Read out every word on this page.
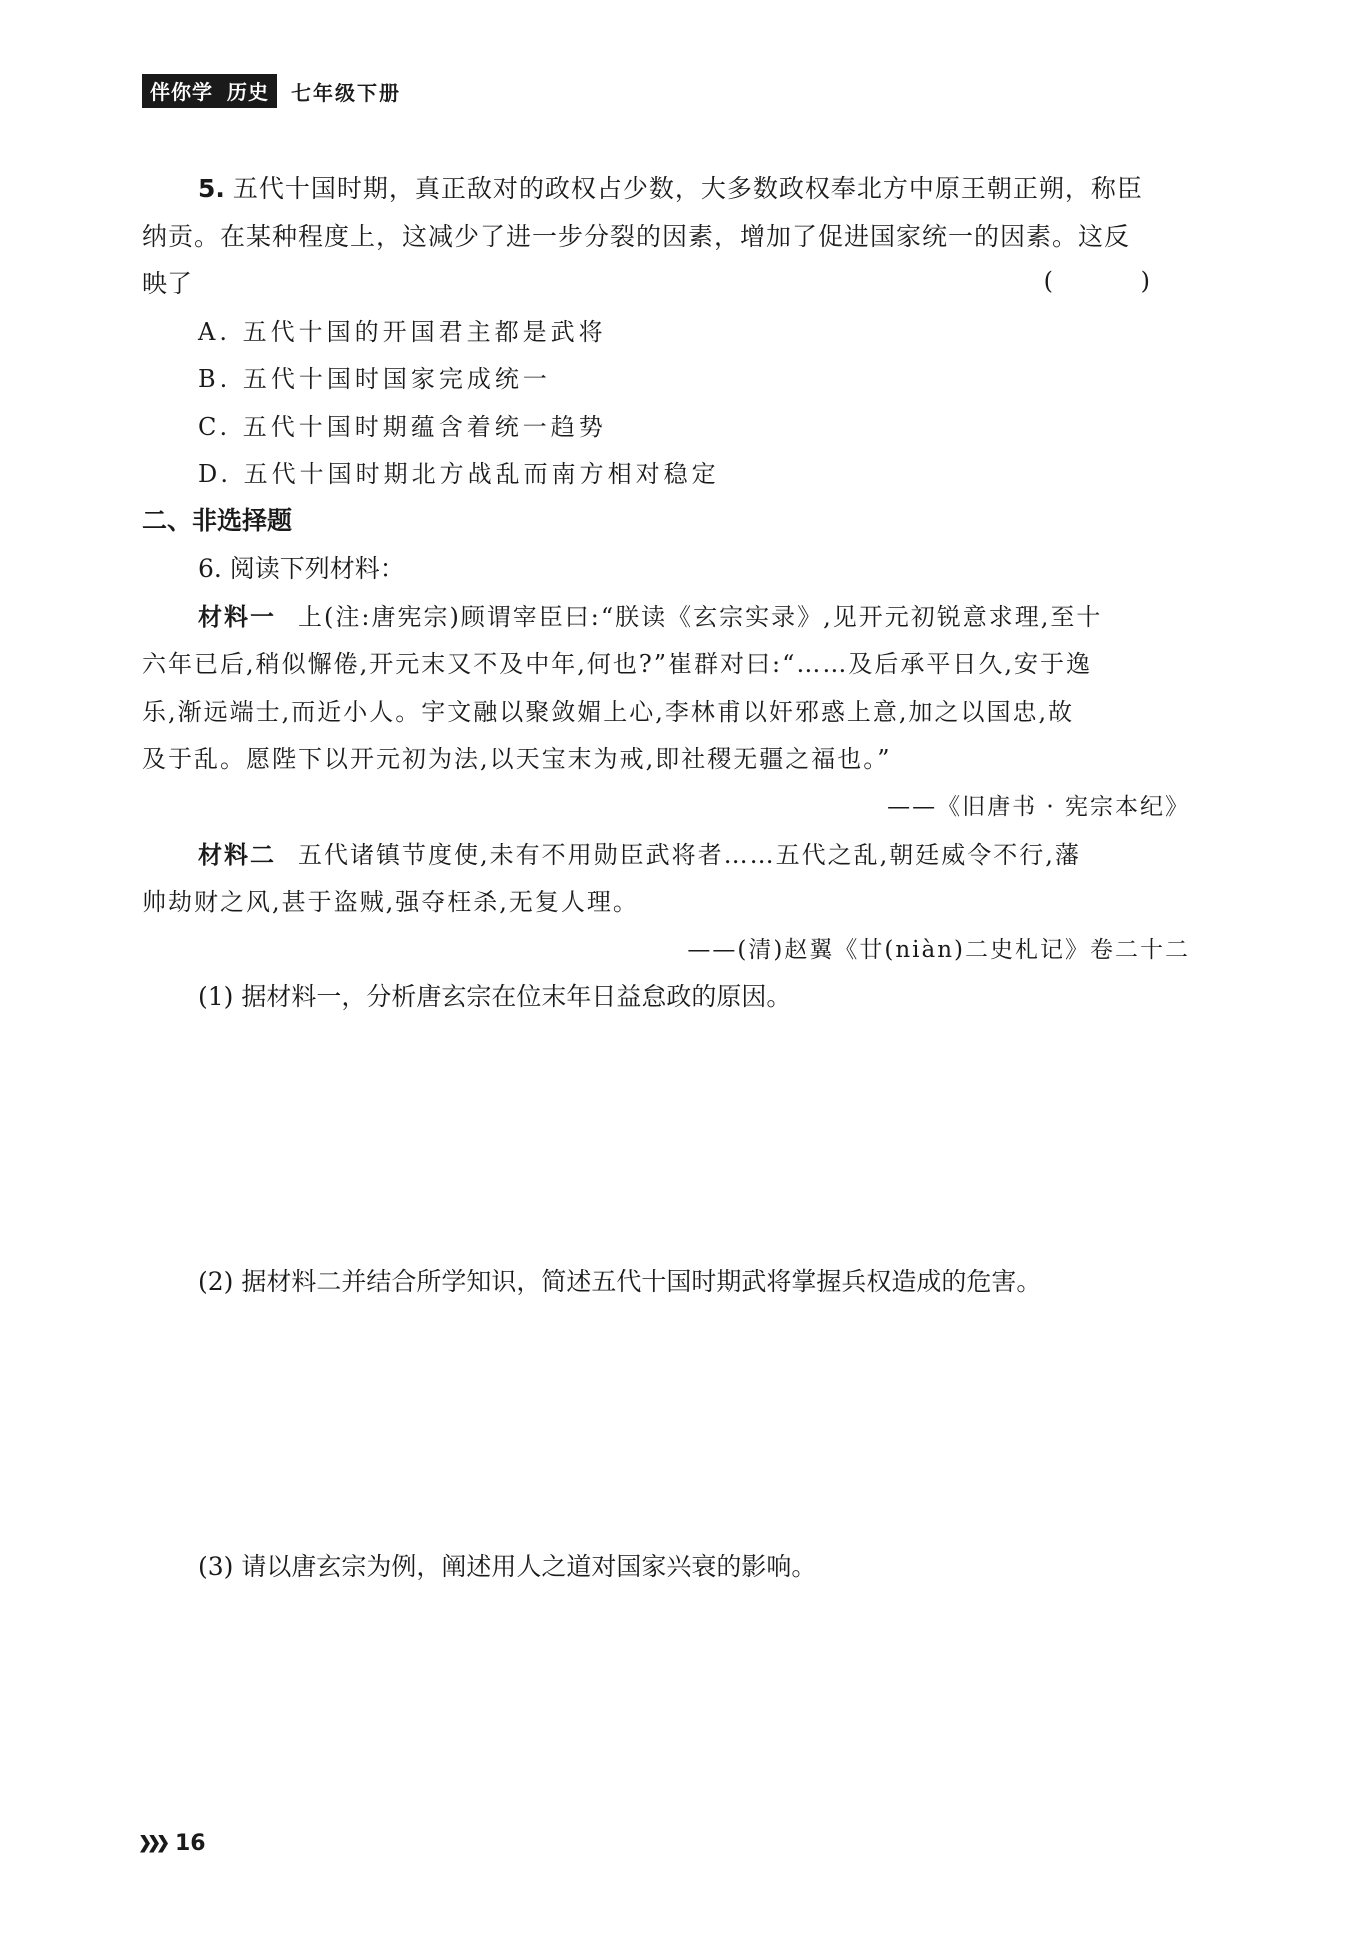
伴你学 历史 七年级下册
5. 五代十国时期，真正敌对的政权占少数，大多数政权奉北方中原王朝正朔，称臣
纳贡。在某种程度上，这减少了进一步分裂的因素，增加了促进国家统一的因素。这反
映了	( )
A. 五代十国的开国君主都是武将
B. 五代十国时国家完成统一
C. 五代十国时期蕴含着统一趋势
D. 五代十国时期北方战乱而南方相对稳定
二、非选择题
6. 阅读下列材料：
材料一 上(注:唐宪宗)顾谓宰臣曰:“朕读《玄宗实录》,见开元初锐意求理,至十
六年已后,稍似懈倦,开元末又不及中年,何也?”崔群对曰:“……及后承平日久,安于逸
乐,渐远端士,而近小人。宇文融以聚敛媚上心,李林甫以奸邪惑上意,加之以国忠,故
及于乱。愿陛下以开元初为法,以天宝末为戒,即社稷无疆之福也。”
——《旧唐书 · 宪宗本纪》
材料二 五代诸镇节度使,未有不用勋臣武将者……五代之乱,朝廷威令不行,藩
帅劫财之风,甚于盗贼,强夺枉杀,无复人理。
——(清)赵翼《廿(niàn)二史札记》卷二十二
(1) 据材料一，分析唐玄宗在位末年日益怠政的原因。
(2) 据材料二并结合所学知识，简述五代十国时期武将掌握兵权造成的危害。
(3) 请以唐玄宗为例，阐述用人之道对国家兴衰的影响。
16
